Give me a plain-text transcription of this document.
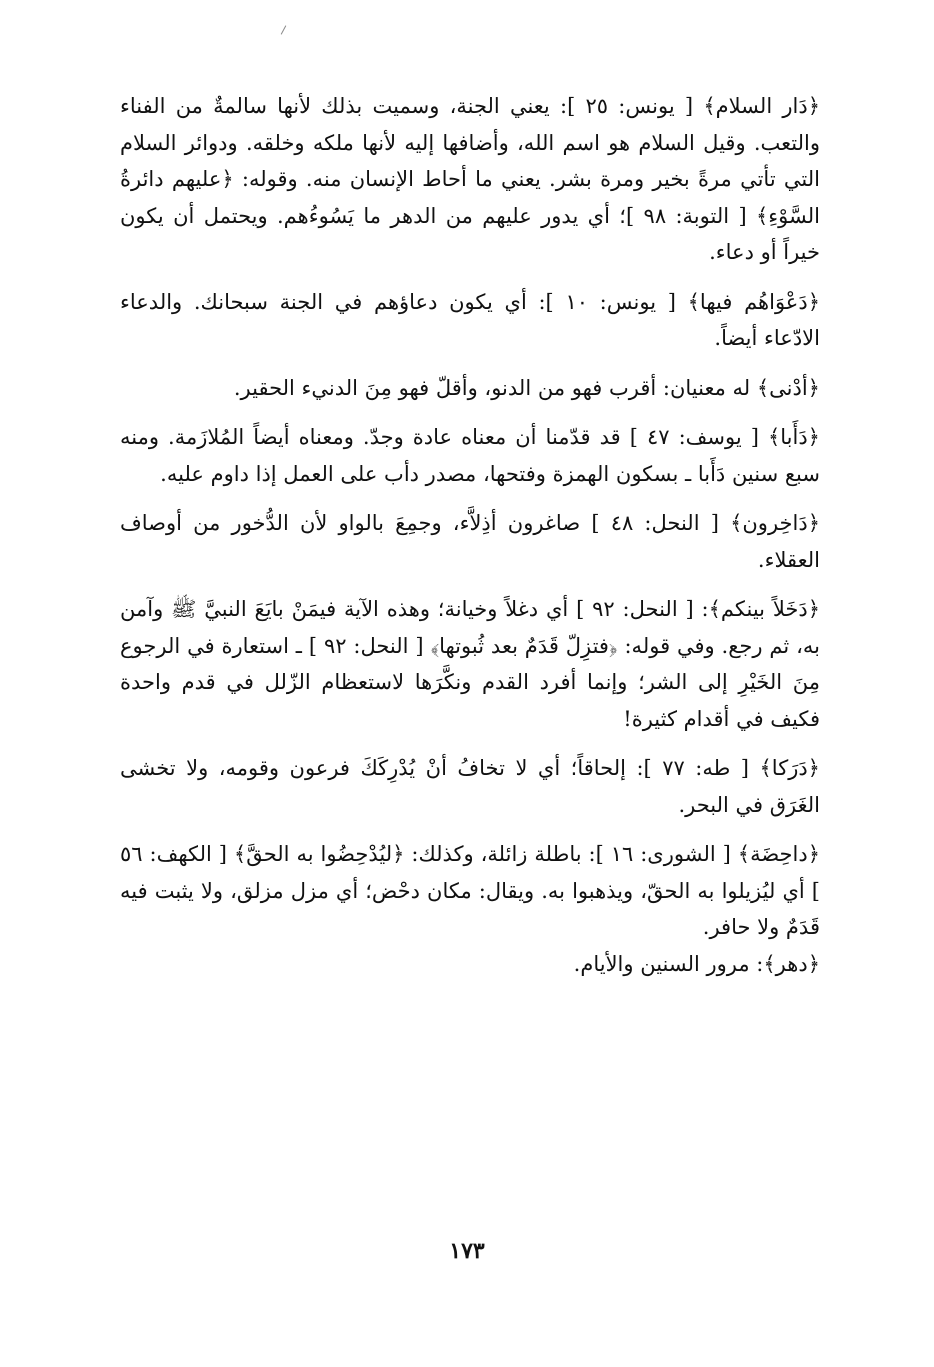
﴿دَار السلام﴾ [ يونس: ٢٥ ]: يعني الجنة، وسميت بذلك لأنها سالمةٌ من الفناء والتعب. وقيل السلام هو اسم الله، وأضافها إليه لأنها ملكه وخلقه. ودوائر السلام التي تأتي مرةً بخير ومرة بشر. يعني ما أحاط الإنسان منه. وقوله: ﴿عليهم دائرةُ السَّوْءِ﴾ [ التوبة: ٩٨ ]؛ أي يدور عليهم من الدهر ما يَسُوءُهم. ويحتمل أن يكون خيراً أو دعاء.

﴿دَعْوَاهُم فيها﴾ [ يونس: ١٠ ]: أي يكون دعاؤهم في الجنة سبحانك. والدعاء الادّعاء أيضاً.

﴿أدْنى﴾ له معنيان: أقرب فهو من الدنو، وأقلّ فهو مِنَ الدنيء الحقير.

﴿دَأَبا﴾ [ يوسف: ٤٧ ] قد قدّمنا أن معناه عادة وجدّ. ومعناه أيضاً المُلازَمة. ومنه سبع سنين دَأَبا ـ بسكون الهمزة وفتحها، مصدر دأب على العمل إذا داوم عليه.

﴿دَاخِرون﴾ [ النحل: ٤٨ ] صاغرون أذِلاَّء، وجمِعَ بالواو لأن الدُّخور من أوصاف العقلاء.

﴿دَخَلاً بينكم﴾: [ النحل: ٩٢ ] أي دغلاً وخيانة؛ وهذه الآية فيمَنْ بايَعَ النبيَّ ﷺ وآمن به، ثم رجع. وفي قوله: ﴿فتزِلّ قَدَمٌ بعد ثُبوتها﴾ [ النحل: ٩٢ ] ـ استعارة في الرجوع مِنَ الخَيْرِ إلى الشر؛ وإنما أفرد القدم ونكَّرَها لاستعظام الزّلل في قدم واحدة فكيف في أقدام كثيرة!

﴿دَرَكا﴾ [ طه: ٧٧ ]: إلحاقاً؛ أي لا تخافُ أنْ يُدْرِكَكَ فرعون وقومه، ولا تخشى الغَرَق في البحر.

﴿داحِضَة﴾ [ الشورى: ١٦ ]: باطلة زائلة، وكذلك: ﴿ليُدْحِضُوا به الحقَّ﴾ [ الكهف: ٥٦ ] أي ليُزيلوا به الحقّ، ويذهبوا به. ويقال: مكان دحْض؛ أي مزل مزلق، ولا يثبت فيه قَدَمٌ ولا حافر.

﴿دهر﴾: مرور السنين والأيام.

١٧٣
